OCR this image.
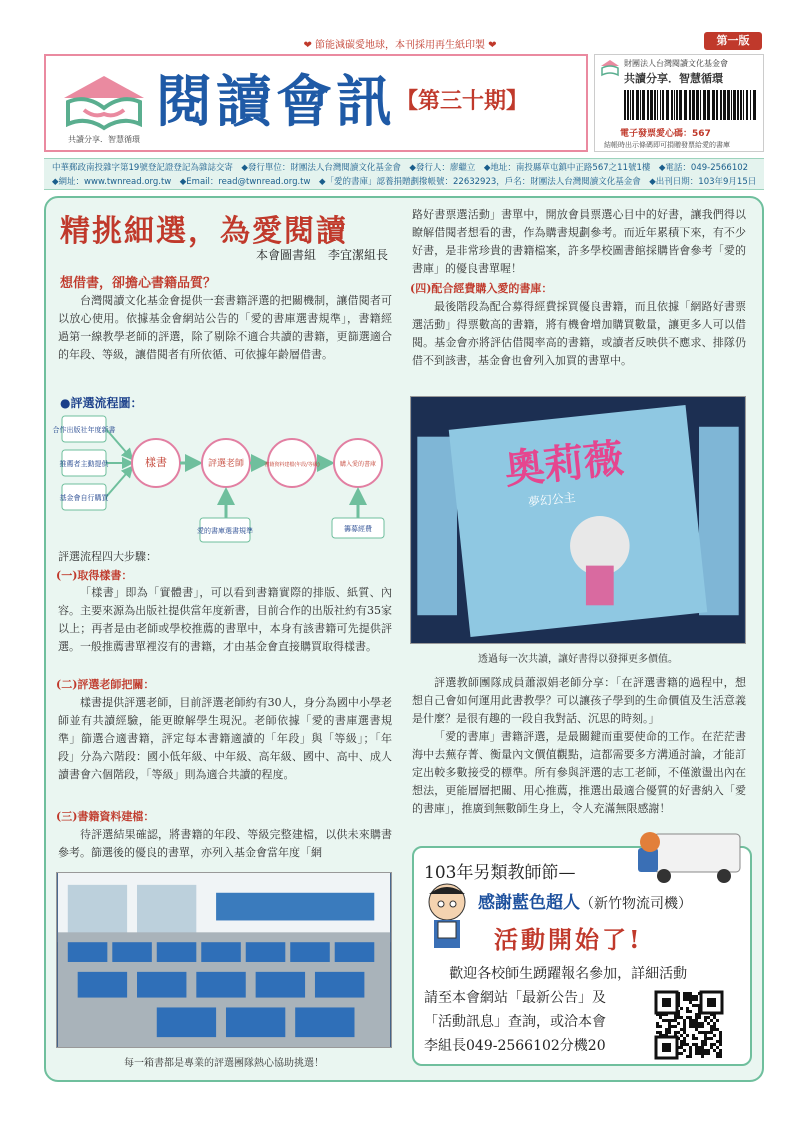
❤ 節能減碳愛地球，本刊採用再生紙印製 ❤	第一版
共讀分享．智慧循環
閱讀會訊 【第三十期】
財團法人台灣閱讀文化基金會
共讀分享．智慧循環
電子發票愛心碼：567
結帳時出示條碼即可捐贈發票給愛的書庫
中華郵政南投雜字第19號登記證登記為雜誌交寄　◆發行單位：財團法人台灣閱讀文化基金會　◆發行人：廖繼立　◆地址：南投縣草屯鎮中正路567之11號1樓　◆電話：049-2566102
◆網址：www.twnread.org.tw　◆Email：read@twnread.org.tw　◆「愛的書庫」認養捐贈劃撥帳號：22632923，戶名：財團法人台灣閱讀文化基金會　◆出刊日期：103年9月15日
精挑細選，為愛閱讀
本會圖書組　李宜潔組長
想借書，卻擔心書籍品質？
台灣閱讀文化基金會提供一套書籍評選的把關機制，讓借閱者可以放心使用。依據基金會網站公告的「愛的書庫選書規準」，書籍經過第一線教學老師的評選，除了剔除不適合共讀的書籍，更篩選適合的年段、等級，讓借閱者有所依循、可依據年齡層借書。
●評選流程圖：
合作出版社年度新書
推薦者主動提供
基金會自行購買
樣書	評選老師	書籍資料建檔(年段/等級)	購入愛的書庫
愛的書庫選書規準	籌募經費
評選流程四大步驟：
(一)取得樣書：
「樣書」即為「實體書」，可以看到書籍實際的排版、紙質、內容。主要來源為出版社提供當年度新書，目前合作的出版社約有35家以上；再者是由老師或學校推薦的書單中，本身有該書籍可先提供評選。一般推薦書單裡沒有的書籍，才由基金會直接購買取得樣書。
(二)評選老師把關：
樣書提供評選老師，目前評選老師約有30人，身分為國中小學老師並有共讀經驗，能更瞭解學生現況。老師依據「愛的書庫選書規準」篩選合適書籍，評定每本書籍適讀的「年段」與「等級」；「年段」分為六階段：國小低年級、中年級、高年級、國中、高中、成人讀書會六個階段，「等級」則為適合共讀的程度。
(三)書籍資料建檔：
待評選結果確認，將書籍的年段、等級完整建檔，以供未來購書參考。篩選後的優良的書單，亦列入基金會當年度「網
每一箱書都是專業的評選團隊熱心協助挑選！
路好書票選活動」書單中，開放會員票選心目中的好書，讓我們得以瞭解借閱者想看的書，作為購書規劃參考。而近年累積下來，有不少好書，是非常珍貴的書籍檔案，許多學校圖書館採購皆會參考「愛的書庫」的優良書單喔！
(四)配合經費購入愛的書庫：
最後階段為配合募得經費採買優良書籍，而且依據「網路好書票選活動」得票數高的書籍，將有機會增加購買數量，讓更多人可以借閱。基金會亦將評估借閱率高的書籍，或讀者反映供不應求、排隊仍借不到該書，基金會也會列入加買的書單中。
奧莉薇
夢幻公主
透過每一次共讀，讓好書得以發揮更多價值。
評選教師團隊成員蕭淑娟老師分享：「在評選書籍的過程中，想想自己會如何運用此書教學？可以讓孩子學到的生命價值及生活意義是什麼？是很有趣的一段自我對話、沉思的時刻。」
「愛的書庫」書籍評選，是最關鍵而重要使命的工作。在茫茫書海中去蕪存菁、衡量內文價值觀點，這都需要多方溝通討論，才能訂定出較多數接受的標準。所有參與評選的志工老師，不僅激盪出內在想法，更能層層把關、用心推薦，推選出最適合優質的好書納入「愛的書庫」，推廣到無數師生身上，令人充滿無限感謝！
103年另類教師節—
感謝藍色超人（新竹物流司機）
活動開始了!
歡迎各校師生踴躍報名參加，詳細活動
請至本會網站「最新公告」及
「活動訊息」查詢，或洽本會
李組長049-2566102分機20
